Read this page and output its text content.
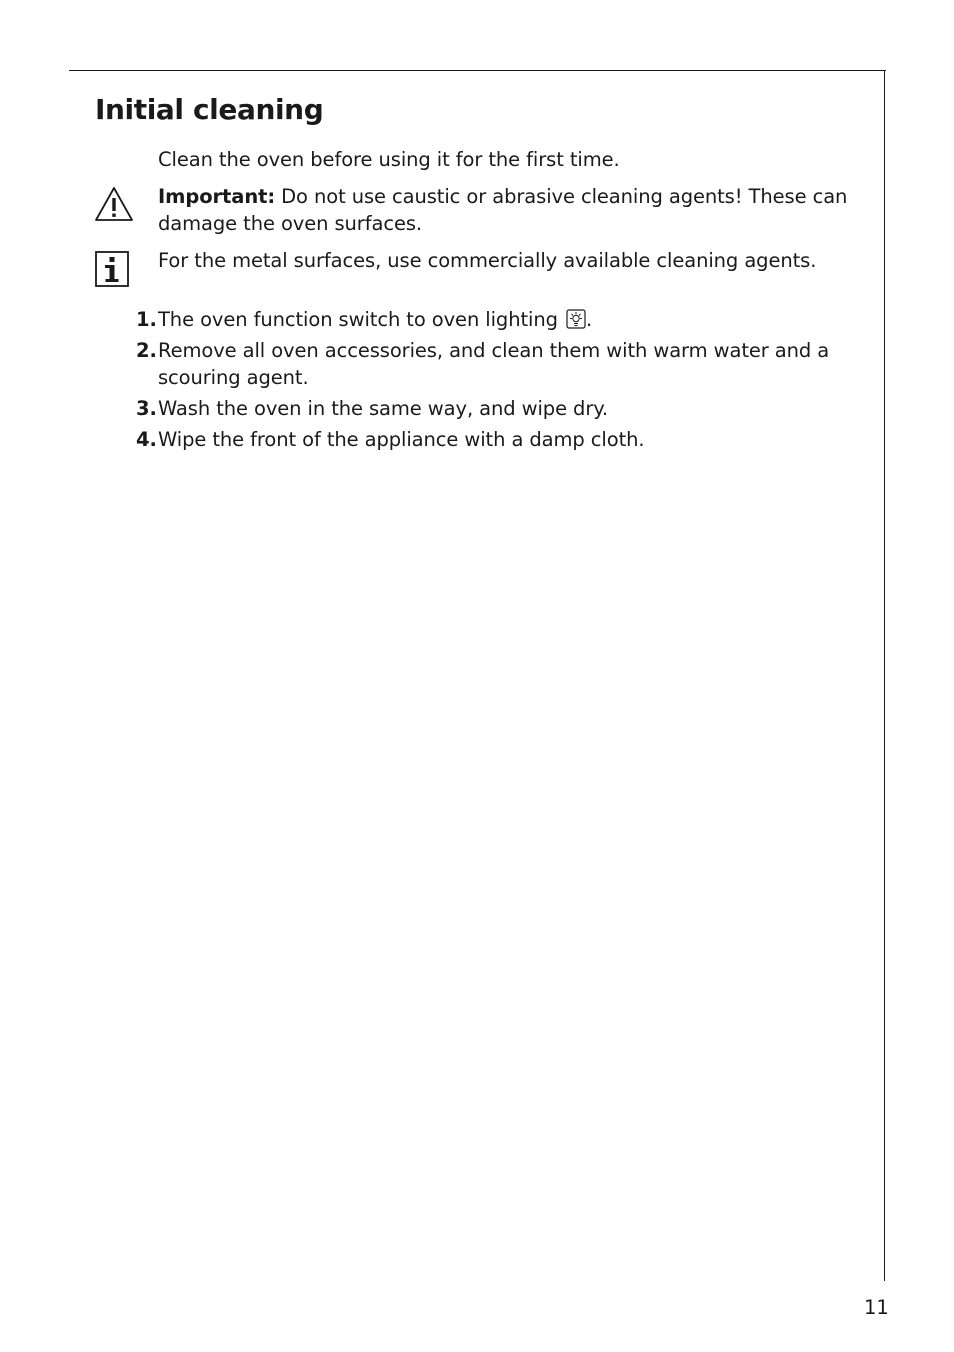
Initial cleaning

Clean the oven before using it for the first time.

Important: Do not use caustic or abrasive cleaning agents! These can damage the oven surfaces.

For the metal surfaces, use commercially available cleaning agents.

1. The oven function switch to oven lighting .
2. Remove all oven accessories, and clean them with warm water and a scouring agent.
3. Wash the oven in the same way, and wipe dry.
4. Wipe the front of the appliance with a damp cloth.

11
